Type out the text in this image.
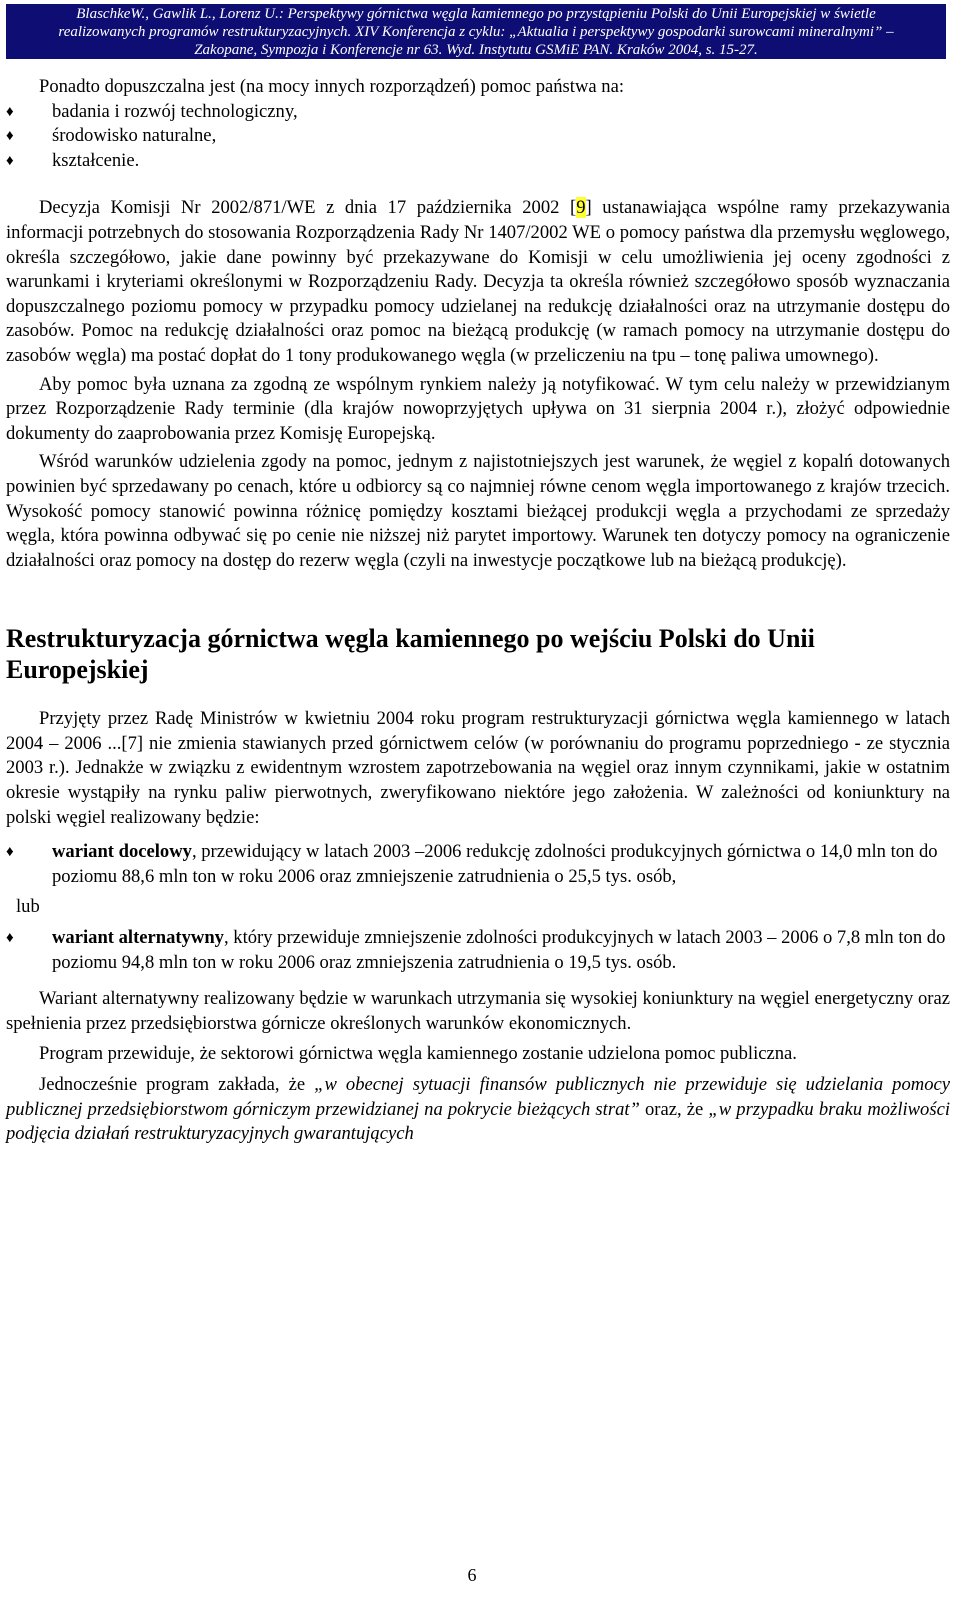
BlaschkeW., Gawlik L., Lorenz U.: Perspektywy górnictwa węgla kamiennego po przystąpieniu Polski do Unii Europejskiej w świetle
realizowanych programów restrukturyzacyjnych. XIV Konferencja z cyklu: „Aktualia i perspektywy gospodarki surowcami mineralnymi” –
Zakopane, Sympozja i Konferencje nr 63. Wyd. Instytutu GSMiE PAN. Kraków 2004, s. 15-27.

Ponadto dopuszczalna jest (na mocy innych rozporządzeń) pomoc państwa na:

♦ badania i rozwój technologiczny,
♦ środowisko naturalne,
♦ kształcenie.

Decyzja Komisji Nr 2002/871/WE z dnia 17 października 2002 [9] ustanawiająca wspólne ramy przekazywania informacji potrzebnych do stosowania Rozporządzenia Rady Nr 1407/2002 WE o pomocy państwa dla przemysłu węglowego, określa szczegółowo, jakie dane powinny być przekazywane do Komisji w celu umożliwienia jej oceny zgodności z warunkami i kryteriami określonymi w Rozporządzeniu Rady. Decyzja ta określa również szczegółowo sposób wyznaczania dopuszczalnego poziomu pomocy w przypadku pomocy udzielanej na redukcję działalności oraz na utrzymanie dostępu do zasobów. Pomoc na redukcję działalności oraz pomoc na bieżącą produkcję (w ramach pomocy na utrzymanie dostępu do zasobów węgla) ma postać dopłat do 1 tony produkowanego węgla (w przeliczeniu na tpu – tonę paliwa umownego).

Aby pomoc była uznana za zgodną ze wspólnym rynkiem należy ją notyfikować. W tym celu należy w przewidzianym przez Rozporządzenie Rady terminie (dla krajów nowoprzyjętych upływa on 31 sierpnia 2004 r.), złożyć odpowiednie dokumenty do zaaprobowania przez Komisję Europejską.

Wśród warunków udzielenia zgody na pomoc, jednym z najistotniejszych jest warunek, że węgiel z kopalń dotowanych powinien być sprzedawany po cenach, które u odbiorcy są co najmniej równe cenom węgla importowanego z krajów trzecich. Wysokość pomocy stanowić powinna różnicę pomiędzy kosztami bieżącej produkcji węgla a przychodami ze sprzedaży węgla, która powinna odbywać się po cenie nie niższej niż parytet importowy. Warunek ten dotyczy pomocy na ograniczenie działalności oraz pomocy na dostęp do rezerw węgla (czyli na inwestycje początkowe lub na bieżącą produkcję).

Restrukturyzacja górnictwa węgla kamiennego po wejściu Polski do Unii Europejskiej

Przyjęty przez Radę Ministrów w kwietniu 2004 roku program restrukturyzacji górnictwa węgla kamiennego w latach 2004 – 2006 ...[7] nie zmienia stawianych przed górnictwem celów (w porównaniu do programu poprzedniego - ze stycznia 2003 r.). Jednakże w związku z ewidentnym wzrostem zapotrzebowania na węgiel oraz innym czynnikami, jakie w ostatnim okresie wystąpiły na rynku paliw pierwotnych, zweryfikowano niektóre jego założenia. W zależności od koniunktury na polski węgiel realizowany będzie:

♦ wariant docelowy, przewidujący w latach 2003 –2006 redukcję zdolności produkcyjnych górnictwa o 14,0 mln ton do poziomu 88,6 mln ton w roku 2006 oraz zmniejszenie zatrudnienia o 25,5 tys. osób,
lub
♦ wariant alternatywny, który przewiduje zmniejszenie zdolności produkcyjnych w latach 2003 – 2006 o 7,8 mln ton do poziomu 94,8 mln ton w roku 2006 oraz zmniejszenia zatrudnienia o 19,5 tys. osób.

Wariant alternatywny realizowany będzie w warunkach utrzymania się wysokiej koniunktury na węgiel energetyczny oraz spełnienia przez przedsiębiorstwa górnicze określonych warunków ekonomicznych.

Program przewiduje, że sektorowi górnictwa węgla kamiennego zostanie udzielona pomoc publiczna.

Jednocześnie program zakłada, że „w obecnej sytuacji finansów publicznych nie przewiduje się udzielania pomocy publicznej przedsiębiorstwom górniczym przewidzianej na pokrycie bieżących strat” oraz, że „w przypadku braku możliwości podjęcia działań restrukturyzacyjnych gwarantujących

6
